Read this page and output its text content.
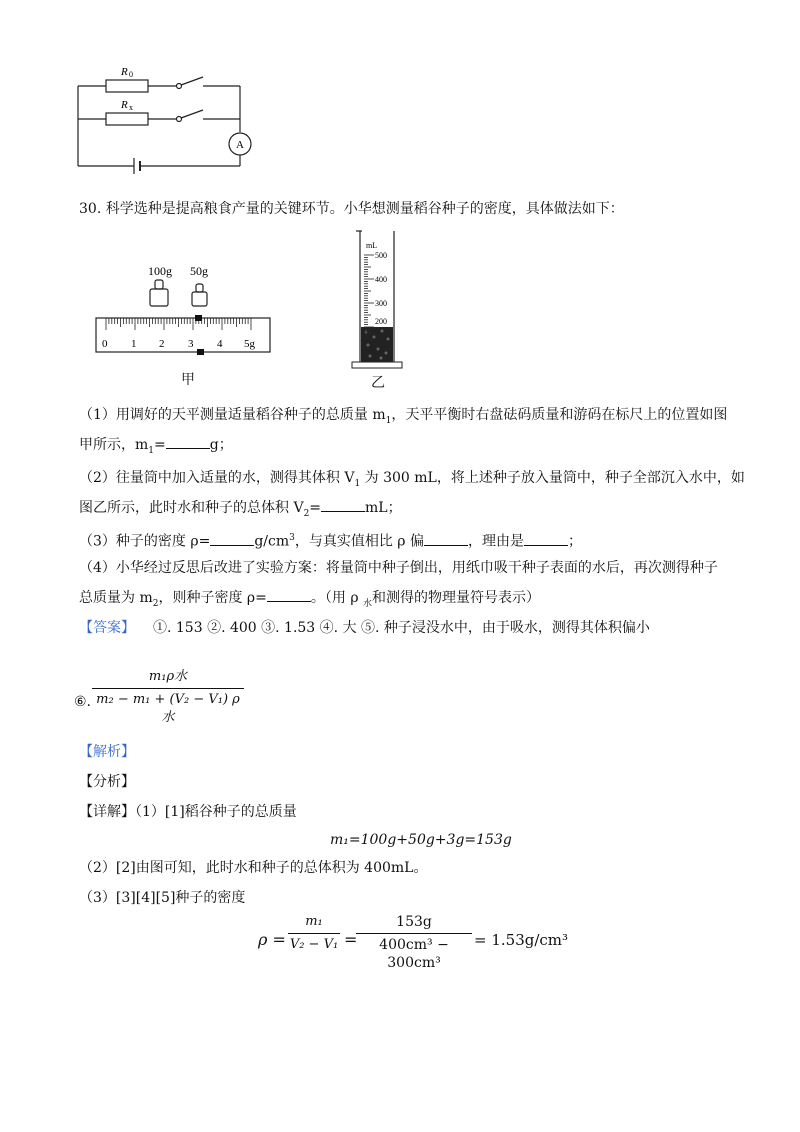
R 0
R x
A
30. 科学选种是提高粮食产量的关键环节。小华想测量稻谷种子的密度，具体做法如下：
100g 50g
0 1 2 3 4 5g
甲
mL
500
400
300
200
乙
（1）用调好的天平测量适量稻谷种子的总质量 $m_1$，天平平衡时右盘砝码质量和游码在标尺上的位置如图
甲所示，$m_1=$	g；
（2）往量筒中加入适量的水，测得其体积 $V_1$ 为 300 mL，将上述种子放入量筒中，种子全部沉入水中，如
图乙所示，此时水和种子的总体积 $V_2=$	mL；
（3）种子的密度 ρ=	$g/cm^3$，与真实值相比 ρ 偏	，理由是	；
（4）小华经过反思后改进了实验方案：将量筒中种子倒出，用纸巾吸干种子表面的水后，再次测得种子
总质量为 $m_2$，则种子密度 ρ=	。（用 ρ $_水$和测得的物理量符号表示）
【答案】 ①. 153 ②. 400 ③. 1.53 ④. 大 ⑤. 种子浸没水中，由于吸水，测得其体积偏小
⑥.
m₁ρ水
m₂ − m₁ + (V₂ − V₁) ρ水
【解析】
【分析】
【详解】（1）[1]稻谷种子的总质量
m₁=100g+50g+3g=153g
（2）[2]由图可知，此时水和种子的总体积为 400mL。
（3）[3][4][5]种子的密度
ρ =
m₁
V₂ − V₁ =
153g
400cm³ − 300cm³
= 1.53g/cm³
